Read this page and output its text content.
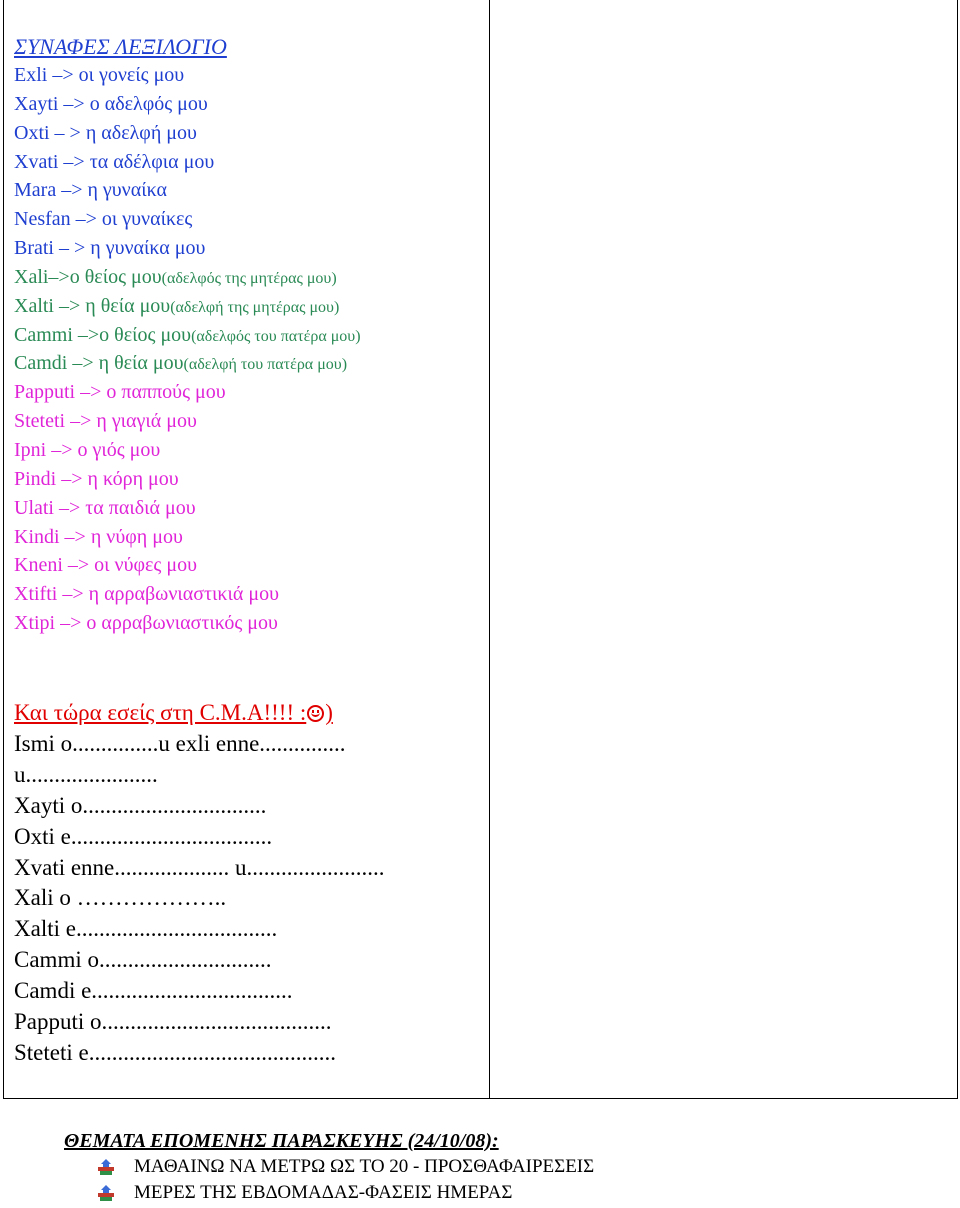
ΣΥΝΑΦΕΣ ΛΕΞΙΛΟΓΙΟ
Exli –> οι γονείς μου
Xayti –> ο αδελφός μου
Oxti – > η αδελφή μου
Xvati –> τα αδέλφια μου
Mara –> η γυναίκα
Nesfan –> οι γυναίκες
Brati – > η γυναίκα μου
Xali–>ο θείος μου(αδελφός της μητέρας μου)
Xalti –> η θεία μου(αδελφή της μητέρας μου)
Cammi –>ο θείος μου(αδελφός του πατέρα μου)
Camdi –> η θεία μου(αδελφή του πατέρα μου)
Papputi –> ο παππούς μου
Steteti –> η γιαγιά μου
Ipni –> ο γιός μου
Pindi –> η κόρη μου
Ulati –> τα παιδιά μου
Kindi –> η νύφη μου
Kneni –> οι νύφες μου
Xtifti –> η αρραβωνιαστικιά μου
Xtipi –> ο αρραβωνιαστικός μου
Και τώρα εσείς στη C.M.A!!!! : )
Ismi o...............u exli enne...............
u.......................
Xayti o................................
Oxti e...................................
Xvati enne.................... u........................
Xali o ………………..
Xalti e...................................
Cammi o..............................
Camdi e...................................
Papputi o........................................
Steteti e...........................................
ΘΕΜΑΤΑ ΕΠΟΜΕΝΗΣ ΠΑΡΑΣΚΕΥΗΣ (24/10/08):
ΜΑΘΑΙΝΩ ΝΑ ΜΕΤΡΩ ΩΣ ΤΟ 20 - ΠΡΟΣΘΑΦΑΙΡΕΣΕΙΣ
ΜΕΡΕΣ ΤΗΣ ΕΒΔΟΜΑΔΑΣ-ΦΑΣΕΙΣ ΗΜΕΡΑΣ
